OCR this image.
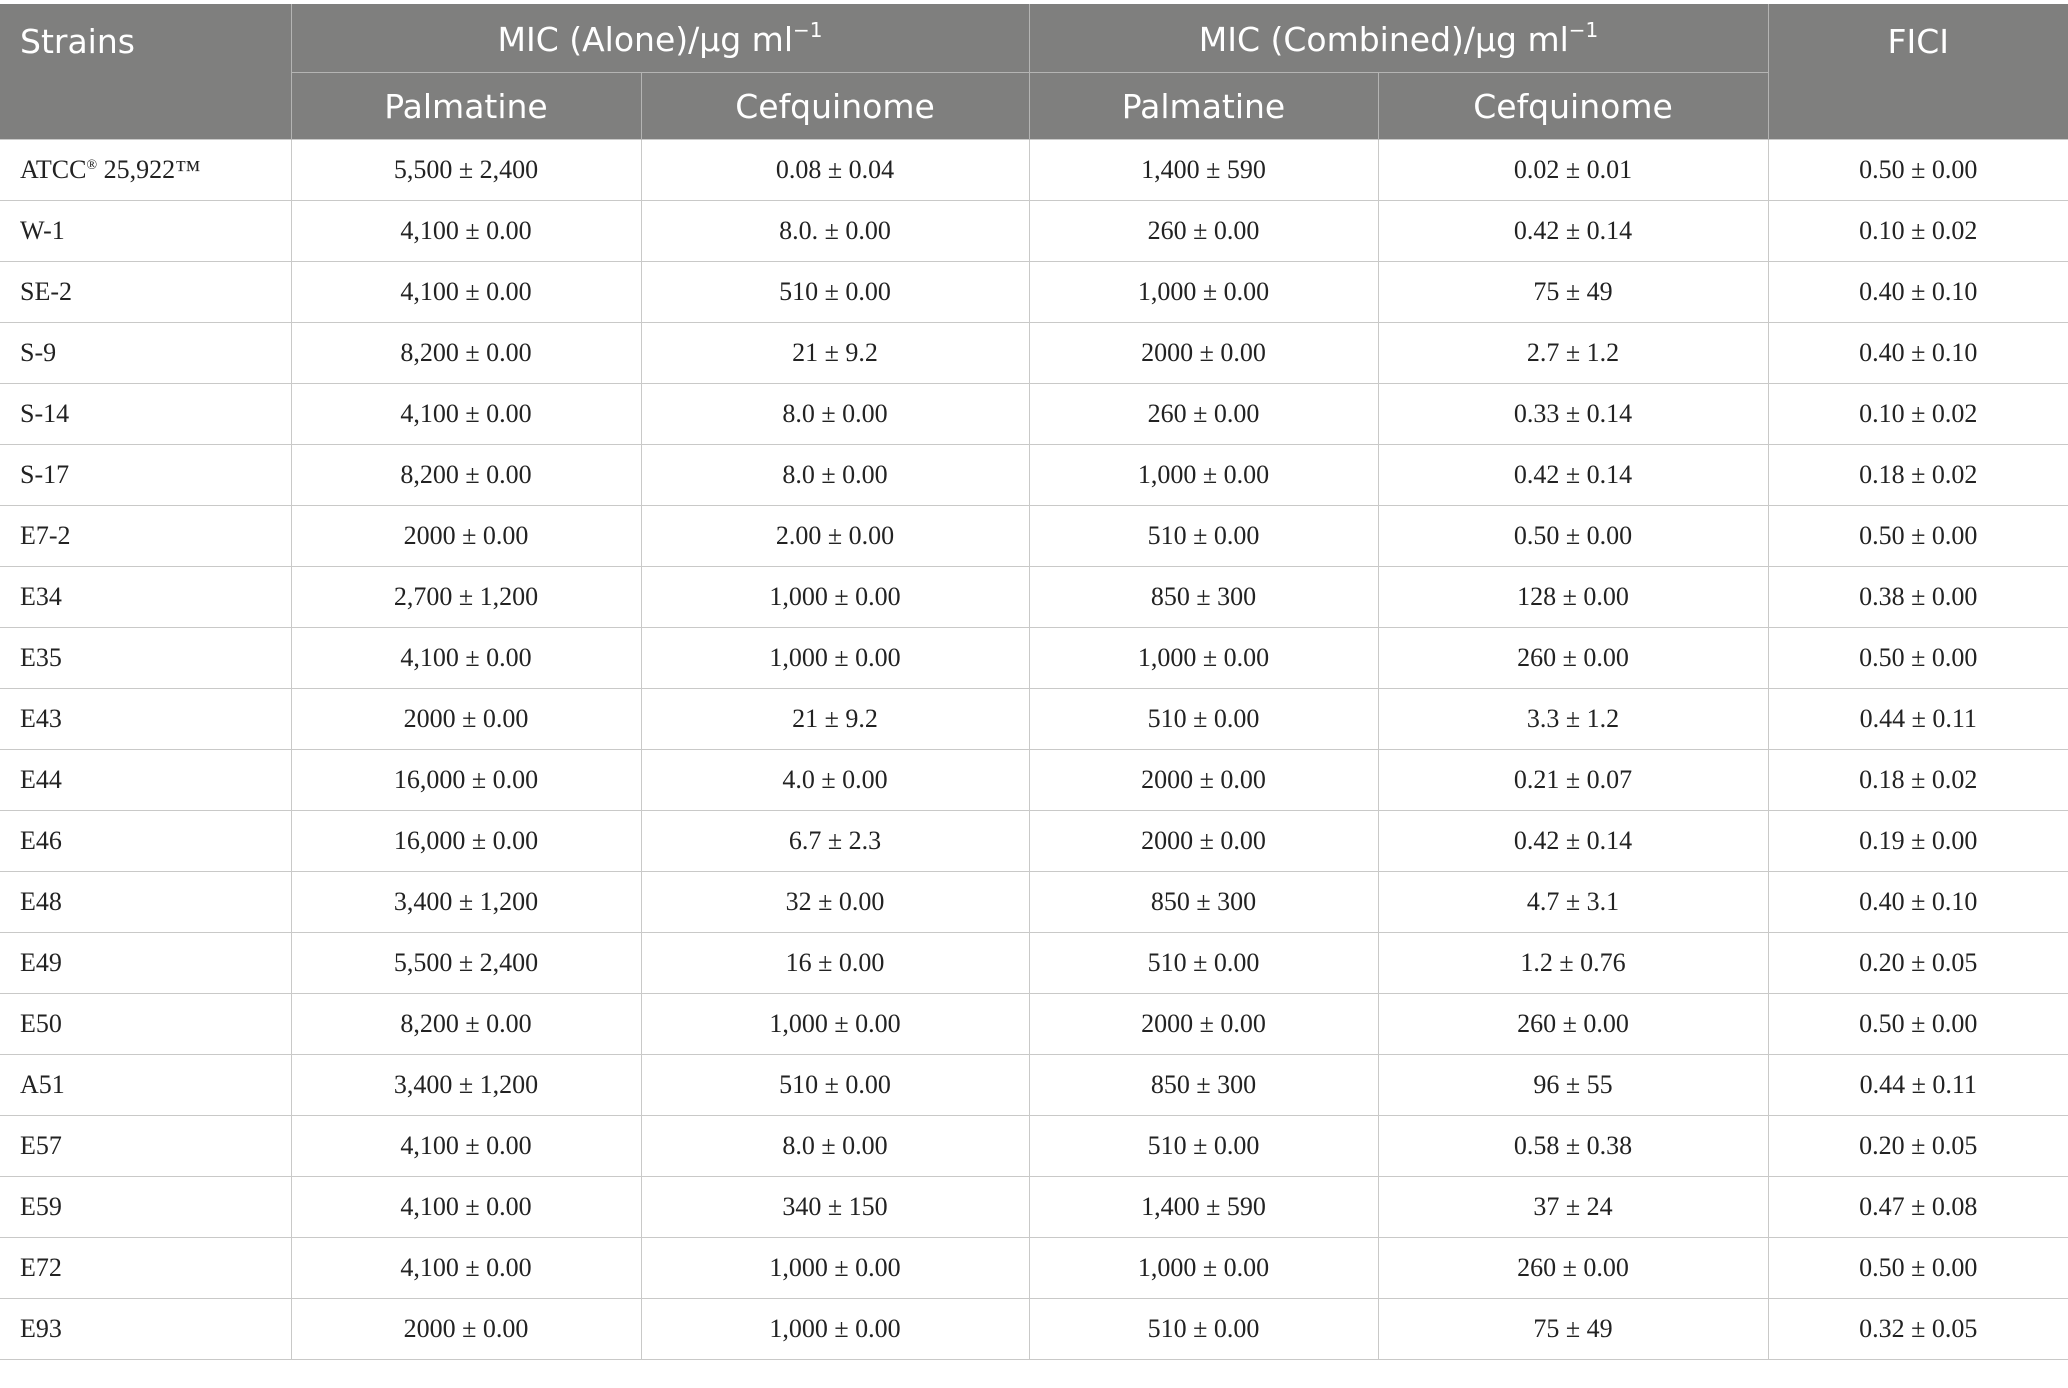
Strains	MIC (Alone)/μg $ml^{-1}$		MIC (Combined)/μg $ml^{-1}$		FICI
	Palmatine	Cefquinome	Palmatine	Cefquinome	
ATCC® 25,922™	5,500 ± 2,400	0.08 ± 0.04	1,400 ± 590	0.02 ± 0.01	0.50 ± 0.00
W-1	4,100 ± 0.00	8.0. ± 0.00	260 ± 0.00	0.42 ± 0.14	0.10 ± 0.02
SE-2	4,100 ± 0.00	510 ± 0.00	1,000 ± 0.00	75 ± 49	0.40 ± 0.10
S-9	8,200 ± 0.00	21 ± 9.2	2000 ± 0.00	2.7 ± 1.2	0.40 ± 0.10
S-14	4,100 ± 0.00	8.0 ± 0.00	260 ± 0.00	0.33 ± 0.14	0.10 ± 0.02
S-17	8,200 ± 0.00	8.0 ± 0.00	1,000 ± 0.00	0.42 ± 0.14	0.18 ± 0.02
E7-2	2000 ± 0.00	2.00 ± 0.00	510 ± 0.00	0.50 ± 0.00	0.50 ± 0.00
E34	2,700 ± 1,200	1,000 ± 0.00	850 ± 300	128 ± 0.00	0.38 ± 0.00
E35	4,100 ± 0.00	1,000 ± 0.00	1,000 ± 0.00	260 ± 0.00	0.50 ± 0.00
E43	2000 ± 0.00	21 ± 9.2	510 ± 0.00	3.3 ± 1.2	0.44 ± 0.11
E44	16,000 ± 0.00	4.0 ± 0.00	2000 ± 0.00	0.21 ± 0.07	0.18 ± 0.02
E46	16,000 ± 0.00	6.7 ± 2.3	2000 ± 0.00	0.42 ± 0.14	0.19 ± 0.00
E48	3,400 ± 1,200	32 ± 0.00	850 ± 300	4.7 ± 3.1	0.40 ± 0.10
E49	5,500 ± 2,400	16 ± 0.00	510 ± 0.00	1.2 ± 0.76	0.20 ± 0.05
E50	8,200 ± 0.00	1,000 ± 0.00	2000 ± 0.00	260 ± 0.00	0.50 ± 0.00
A51	3,400 ± 1,200	510 ± 0.00	850 ± 300	96 ± 55	0.44 ± 0.11
E57	4,100 ± 0.00	8.0 ± 0.00	510 ± 0.00	0.58 ± 0.38	0.20 ± 0.05
E59	4,100 ± 0.00	340 ± 150	1,400 ± 590	37 ± 24	0.47 ± 0.08
E72	4,100 ± 0.00	1,000 ± 0.00	1,000 ± 0.00	260 ± 0.00	0.50 ± 0.00
E93	2000 ± 0.00	1,000 ± 0.00	510 ± 0.00	75 ± 49	0.32 ± 0.05
